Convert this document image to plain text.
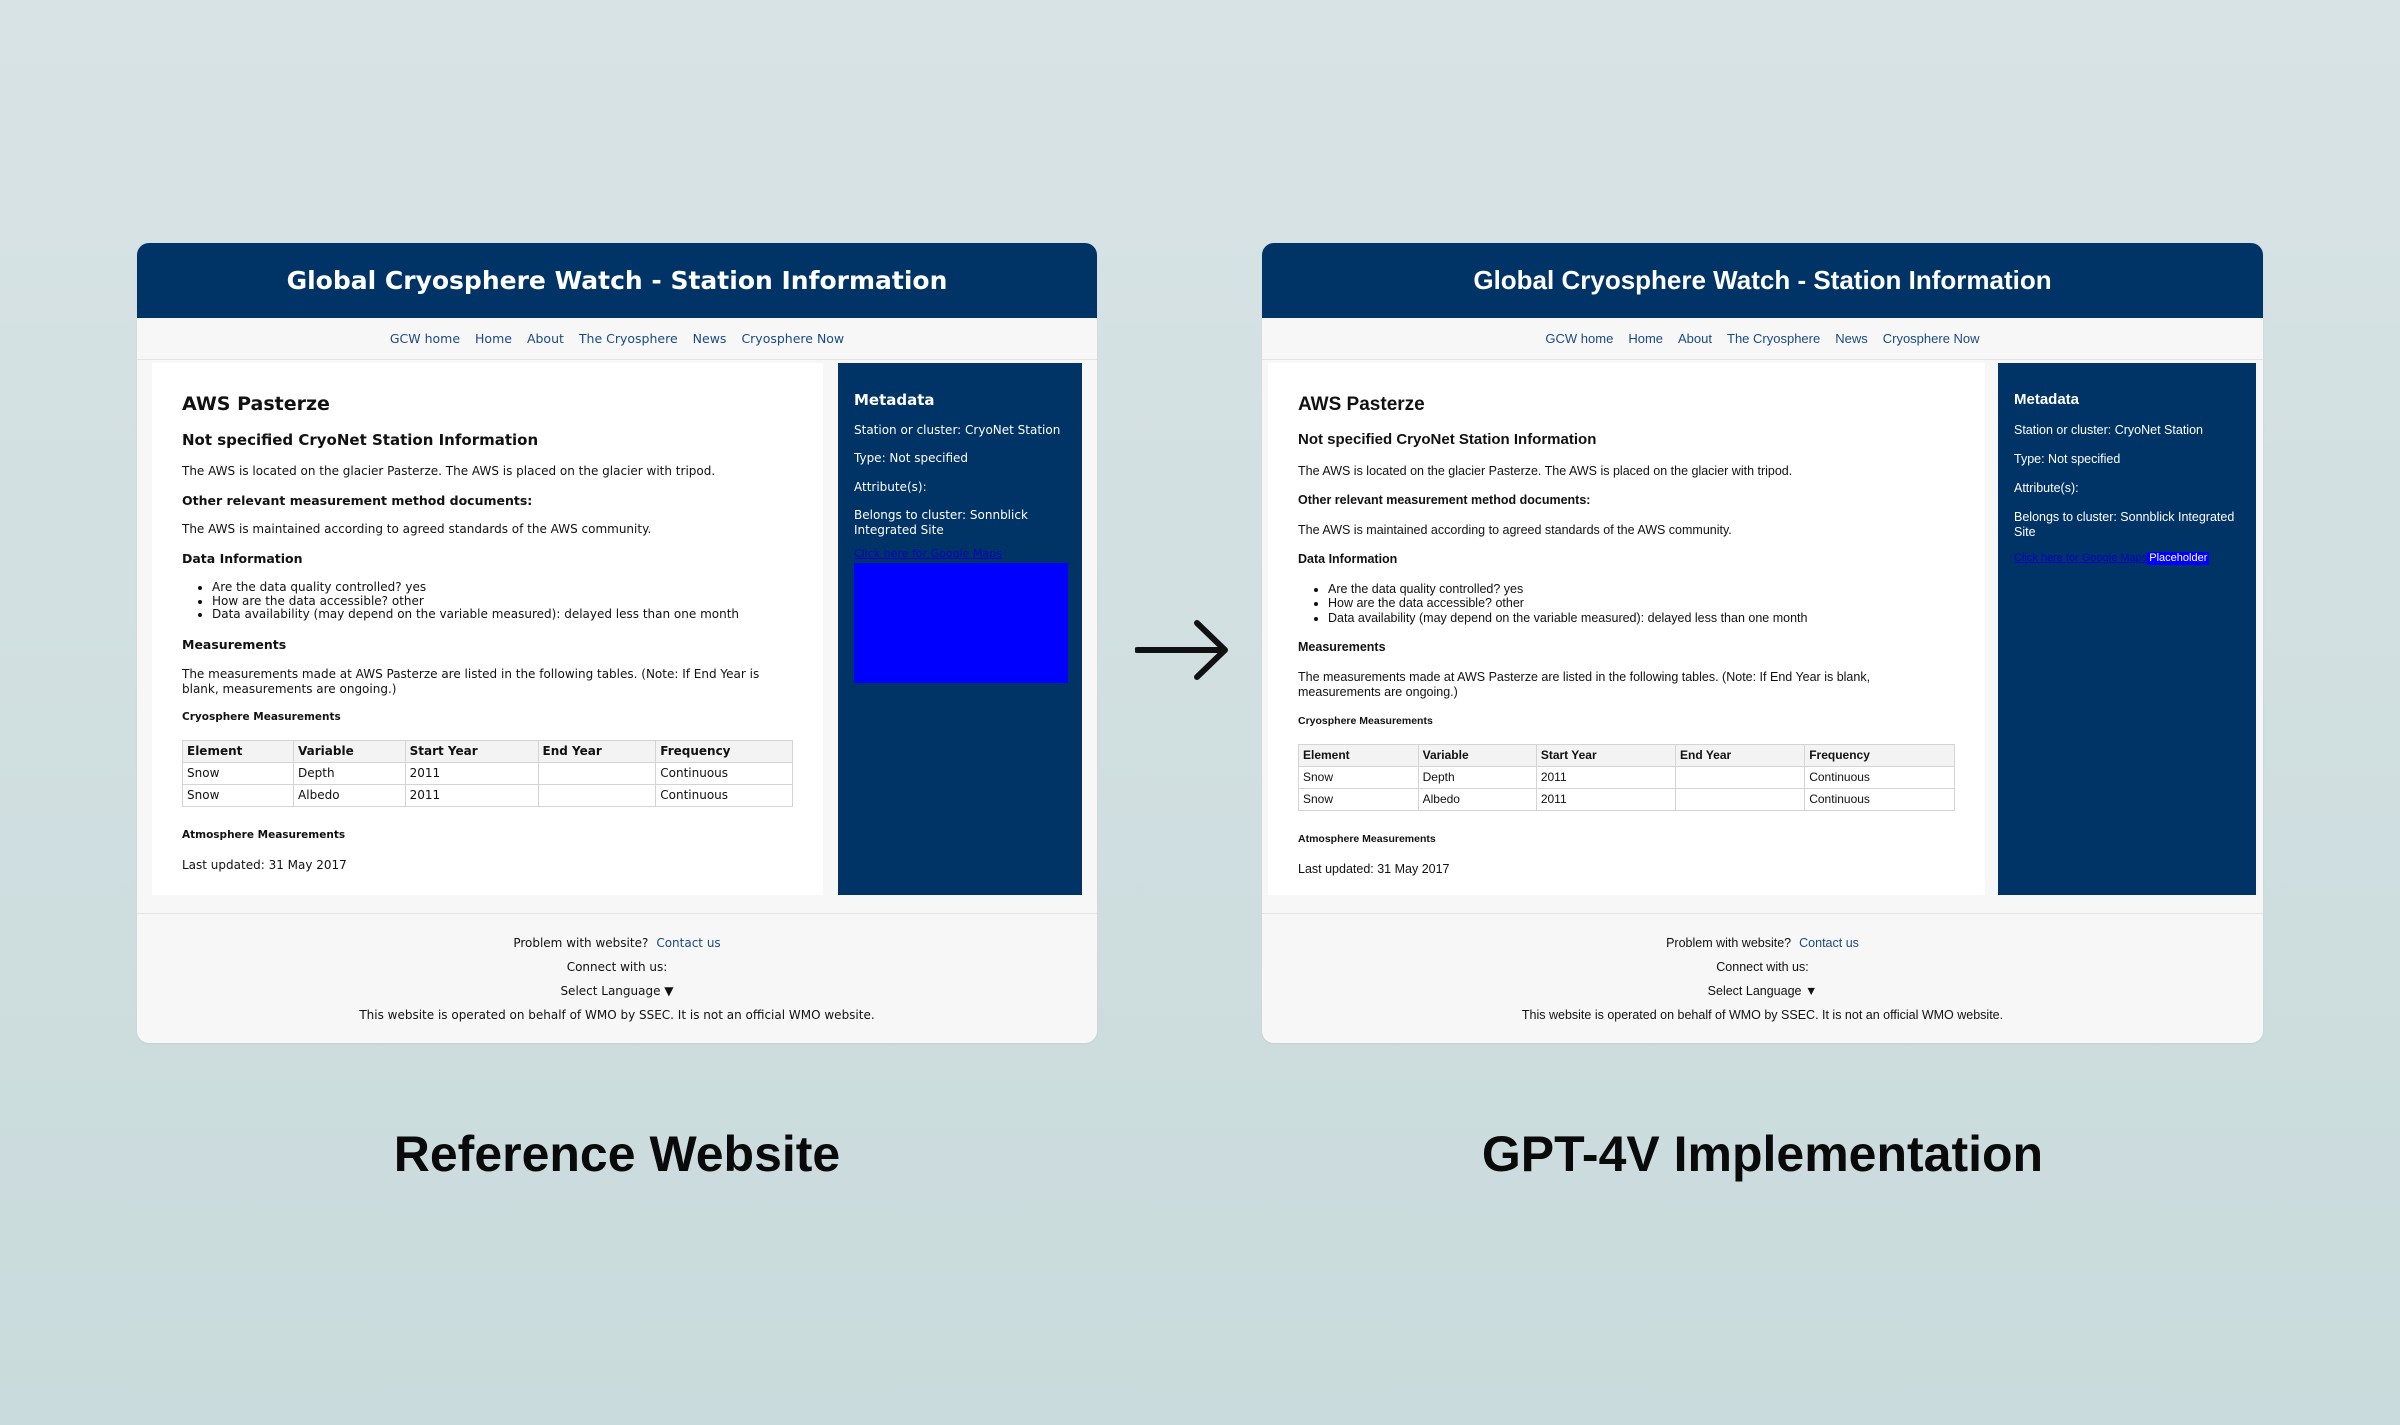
Global Cryosphere Watch - Station Information
GCW home Home About The Cryosphere News Cryosphere Now
AWS Pasterze
Not specified CryoNet Station Information

The AWS is located on the glacier Pasterze. The AWS is placed on the glacier with tripod.

Other relevant measurement method documents:

The AWS is maintained according to agreed standards of the AWS community.

Data Information
• Are the data quality controlled? yes
• How are the data accessible? other
• Data availability (may depend on the variable measured): delayed less than one month
Measurements

The measurements made at AWS Pasterze are listed in the following tables. (Note: If End Year is blank, measurements are ongoing.)

Cryosphere Measurements
Element	Variable	Start Year	End Year	Frequency
Snow	Depth	2011		Continuous
Snow	Albedo	2011		Continuous
Atmosphere Measurements

Last updated: 31 May 2017

Metadata

Station or cluster: CryoNet Station

Type: Not specified

Attribute(s):

Belongs to cluster: Sonnblick Integrated Site

Click here for Google Maps
Problem with website? Contact us
Connect with us:
Select Language ▼
This website is operated on behalf of WMO by SSEC. It is not an official WMO website.
Global Cryosphere Watch - Station Information
GCW home Home About The Cryosphere News Cryosphere Now
AWS Pasterze
Not specified CryoNet Station Information

The AWS is located on the glacier Pasterze. The AWS is placed on the glacier with tripod.

Other relevant measurement method documents:

The AWS is maintained according to agreed standards of the AWS community.

Data Information
• Are the data quality controlled? yes
• How are the data accessible? other
• Data availability (may depend on the variable measured): delayed less than one month
Measurements

The measurements made at AWS Pasterze are listed in the following tables. (Note: If End Year is blank, measurements are ongoing.)

Cryosphere Measurements
Element	Variable	Start Year	End Year	Frequency
Snow	Depth	2011		Continuous
Snow	Albedo	2011		Continuous
Atmosphere Measurements

Last updated: 31 May 2017

Metadata

Station or cluster: CryoNet Station

Type: Not specified

Attribute(s):

Belongs to cluster: Sonnblick Integrated Site

Click here for Google Maps Placeholder
Problem with website? Contact us
Connect with us:
Select Language ▼
This website is operated on behalf of WMO by SSEC. It is not an official WMO website.
Reference Website	GPT-4V Implementation
